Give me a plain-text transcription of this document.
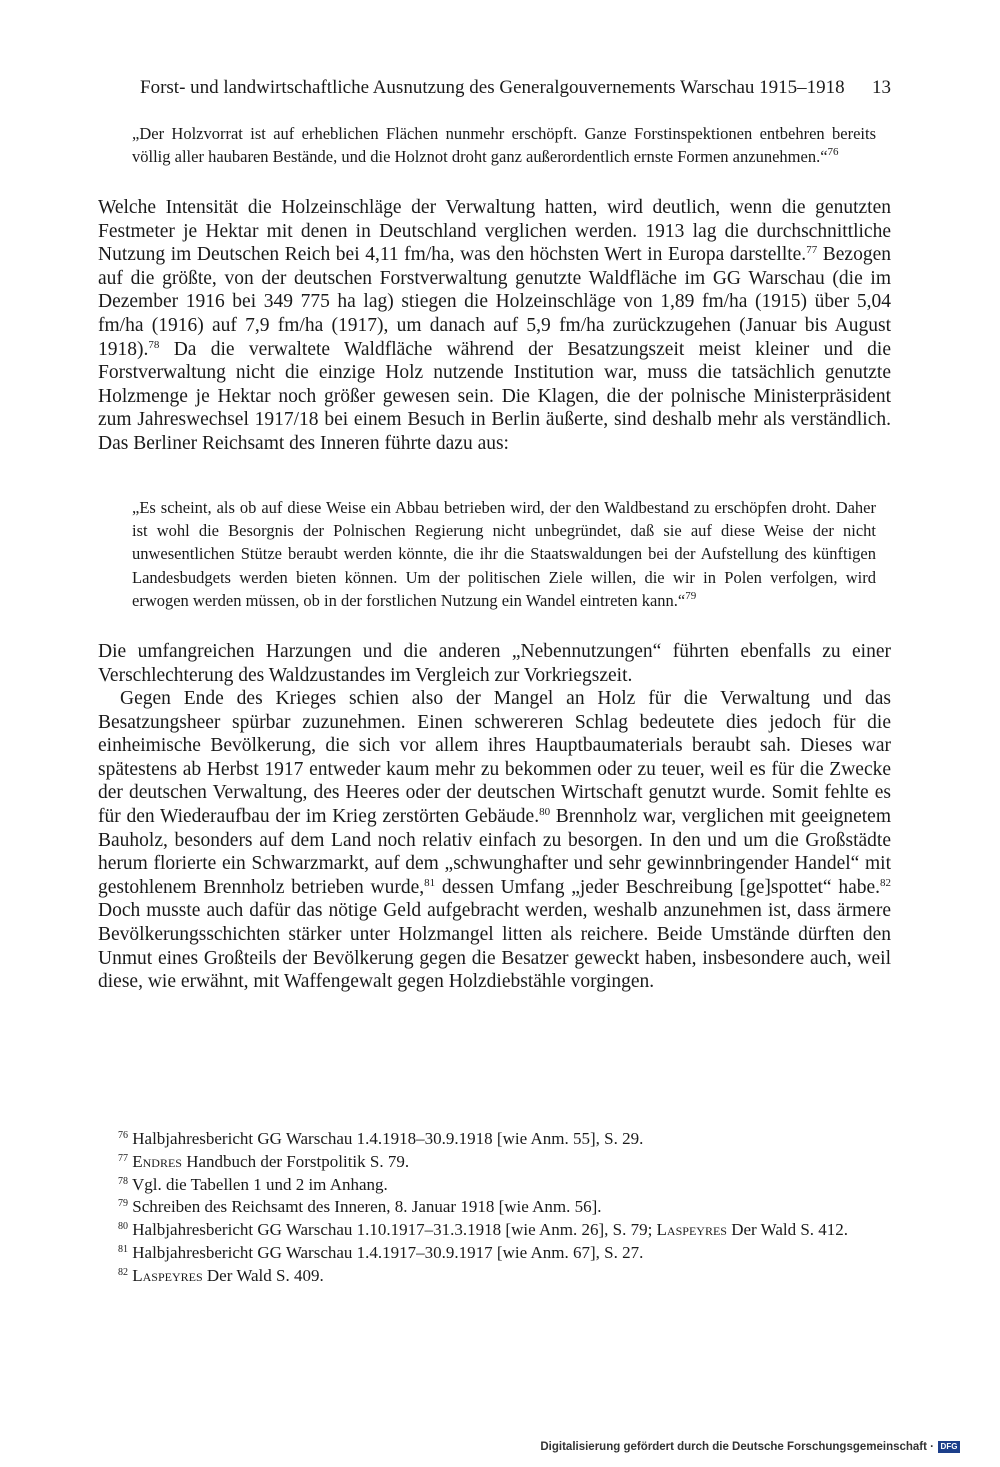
Forst- und landwirtschaftliche Ausnutzung des Generalgouvernements Warschau 1915–1918 13

„Der Holzvorrat ist auf erheblichen Flächen nunmehr erschöpft. Ganze Forstinspektionen entbehren bereits völlig aller haubaren Bestände, und die Holznot droht ganz außerordentlich ernste Formen anzunehmen.“$^{76}$

Welche Intensität die Holzeinschläge der Verwaltung hatten, wird deutlich, wenn die genutzten Festmeter je Hektar mit denen in Deutschland verglichen werden. 1913 lag die durchschnittliche Nutzung im Deutschen Reich bei 4,11 fm/ha, was den höchsten Wert in Europa darstellte.$^{77}$ Bezogen auf die größte, von der deutschen Forstverwaltung genutzte Waldfläche im GG Warschau (die im Dezember 1916 bei 349 775 ha lag) stiegen die Holzeinschläge von 1,89 fm/ha (1915) über 5,04 fm/ha (1916) auf 7,9 fm/ha (1917), um danach auf 5,9 fm/ha zurückzugehen (Januar bis August 1918).$^{78}$ Da die verwaltete Waldfläche während der Besatzungszeit meist kleiner und die Forstverwaltung nicht die einzige Holz nutzende Institution war, muss die tatsächlich genutzte Holzmenge je Hektar noch größer gewesen sein. Die Klagen, die der polnische Ministerpräsident zum Jahreswechsel 1917/18 bei einem Besuch in Berlin äußerte, sind deshalb mehr als verständlich. Das Berliner Reichsamt des Inneren führte dazu aus:

„Es scheint, als ob auf diese Weise ein Abbau betrieben wird, der den Waldbestand zu erschöpfen droht. Daher ist wohl die Besorgnis der Polnischen Regierung nicht unbegründet, daß sie auf diese Weise der nicht unwesentlichen Stütze beraubt werden könnte, die ihr die Staatswaldungen bei der Aufstellung des künftigen Landesbudgets werden bieten können. Um der politischen Ziele willen, die wir in Polen verfolgen, wird erwogen werden müssen, ob in der forstlichen Nutzung ein Wandel eintreten kann.“$^{79}$

Die umfangreichen Harzungen und die anderen „Nebennutzungen“ führten ebenfalls zu einer Verschlechterung des Waldzustandes im Vergleich zur Vorkriegszeit.

Gegen Ende des Krieges schien also der Mangel an Holz für die Verwaltung und das Besatzungsheer spürbar zuzunehmen. Einen schwereren Schlag bedeutete dies jedoch für die einheimische Bevölkerung, die sich vor allem ihres Hauptbaumaterials beraubt sah. Dieses war spätestens ab Herbst 1917 entweder kaum mehr zu bekommen oder zu teuer, weil es für die Zwecke der deutschen Verwaltung, des Heeres oder der deutschen Wirtschaft genutzt wurde. Somit fehlte es für den Wiederaufbau der im Krieg zerstörten Gebäude.$^{80}$ Brennholz war, verglichen mit geeignetem Bauholz, besonders auf dem Land noch relativ einfach zu besorgen. In den und um die Großstädte herum florierte ein Schwarzmarkt, auf dem „schwunghafter und sehr gewinnbringender Handel“ mit gestohlenem Brennholz betrieben wurde,$^{81}$ dessen Umfang „jeder Beschreibung [ge]spottet“ habe.$^{82}$ Doch musste auch dafür das nötige Geld aufgebracht werden, weshalb anzunehmen ist, dass ärmere Bevölkerungsschichten stärker unter Holzmangel litten als reichere. Beide Umstände dürften den Unmut eines Großteils der Bevölkerung gegen die Besatzer geweckt haben, insbesondere auch, weil diese, wie erwähnt, mit Waffengewalt gegen Holzdiebstähle vorgingen.

$^{76}$ Halbjahresbericht GG Warschau 1.4.1918–30.9.1918 [wie Anm. 55], S. 29.

$^{77}$ Endres Handbuch der Forstpolitik S. 79.

$^{78}$ Vgl. die Tabellen 1 und 2 im Anhang.

$^{79}$ Schreiben des Reichsamt des Inneren, 8. Januar 1918 [wie Anm. 56].

$^{80}$ Halbjahresbericht GG Warschau 1.10.1917–31.3.1918 [wie Anm. 26], S. 79; Laspeyres Der Wald S. 412.

$^{81}$ Halbjahresbericht GG Warschau 1.4.1917–30.9.1917 [wie Anm. 67], S. 27.

$^{82}$ Laspeyres Der Wald S. 409.

Digitalisierung gefördert durch die Deutsche Forschungsgemeinschaft · DFG
